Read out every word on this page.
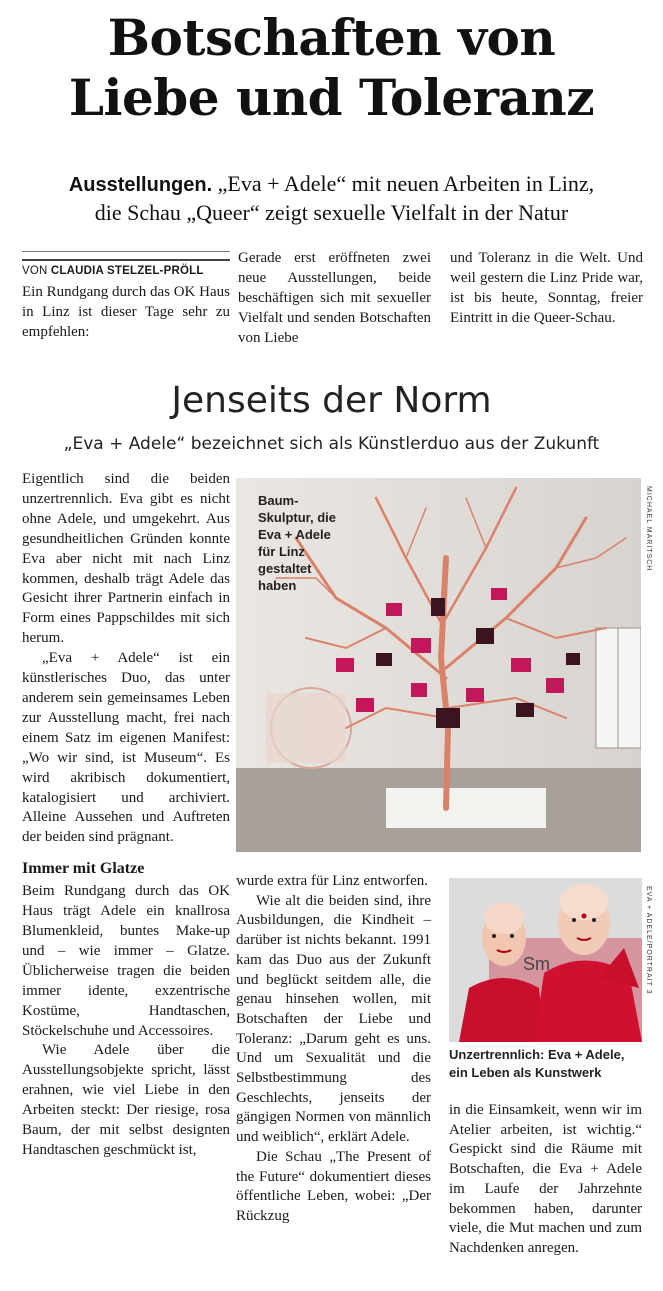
Botschaften von
Liebe und Toleranz
Ausstellungen. „Eva + Adele“ mit neuen Arbeiten in Linz,
die Schau „Queer“ zeigt sexuelle Vielfalt in der Natur
VON CLAUDIA STELZEL-PRÖLL

Ein Rundgang durch das OK Haus in Linz ist dieser Tage sehr zu empfehlen:

Gerade erst eröffneten zwei neue Ausstellungen, beide beschäftigen sich mit sexueller Vielfalt und senden Botschaften von Liebe

und Toleranz in die Welt. Und weil gestern die Linz Pride war, ist bis heute, Sonntag, freier Eintritt in die Queer-Schau.

Jenseits der Norm
„Eva + Adele“ bezeichnet sich als Künstlerduo aus der Zukunft
Baum-Skulptur, die Eva + Adele für Linz gestaltet haben
MICHAEL MARITSCH
Sm	EVA + ADELE/PORTRAIT 3
Unzertrennlich: Eva + Adele, ein Leben als Kunstwerk

Eigentlich sind die beiden unzertrennlich. Eva gibt es nicht ohne Adele, und umgekehrt. Aus gesundheitlichen Gründen konnte Eva aber nicht mit nach Linz kommen, deshalb trägt Adele das Gesicht ihrer Partnerin einfach in Form eines Pappschildes mit sich herum.

„Eva + Adele“ ist ein künstlerisches Duo, das unter anderem sein gemeinsames Leben zur Ausstellung macht, frei nach einem Satz im eigenen Manifest: „Wo wir sind, ist Museum“. Es wird akribisch dokumentiert, katalogisiert und archiviert. Alleine Aussehen und Auftreten der beiden sind prägnant.

Immer mit Glatze

Beim Rundgang durch das OK Haus trägt Adele ein knallrosa Blumenkleid, buntes Make-up und – wie immer – Glatze. Üblicherweise tragen die beiden immer idente, exzentrische Kostüme, Handtaschen, Stöckelschuhe und Accessoires.

Wie Adele über die Ausstellungsobjekte spricht, lässt erahnen, wie viel Liebe in den Arbeiten steckt: Der riesige, rosa Baum, der mit selbst designten Handtaschen geschmückt ist,

wurde extra für Linz entworfen.

Wie alt die beiden sind, ihre Ausbildungen, die Kindheit – darüber ist nichts bekannt. 1991 kam das Duo aus der Zukunft und beglückt seitdem alle, die genau hinsehen wollen, mit Botschaften der Liebe und Toleranz: „Darum geht es uns. Und um Sexualität und die Selbstbestimmung des Geschlechts, jenseits der gängigen Normen von männlich und weiblich“, erklärt Adele.

Die Schau „The Present of the Future“ dokumentiert dieses öffentliche Leben, wobei: „Der Rückzug

in die Einsamkeit, wenn wir im Atelier arbeiten, ist wichtig.“ Gespickt sind die Räume mit Botschaften, die Eva + Adele im Laufe der Jahrzehnte bekommen haben, darunter viele, die Mut machen und zum Nachdenken anregen.
